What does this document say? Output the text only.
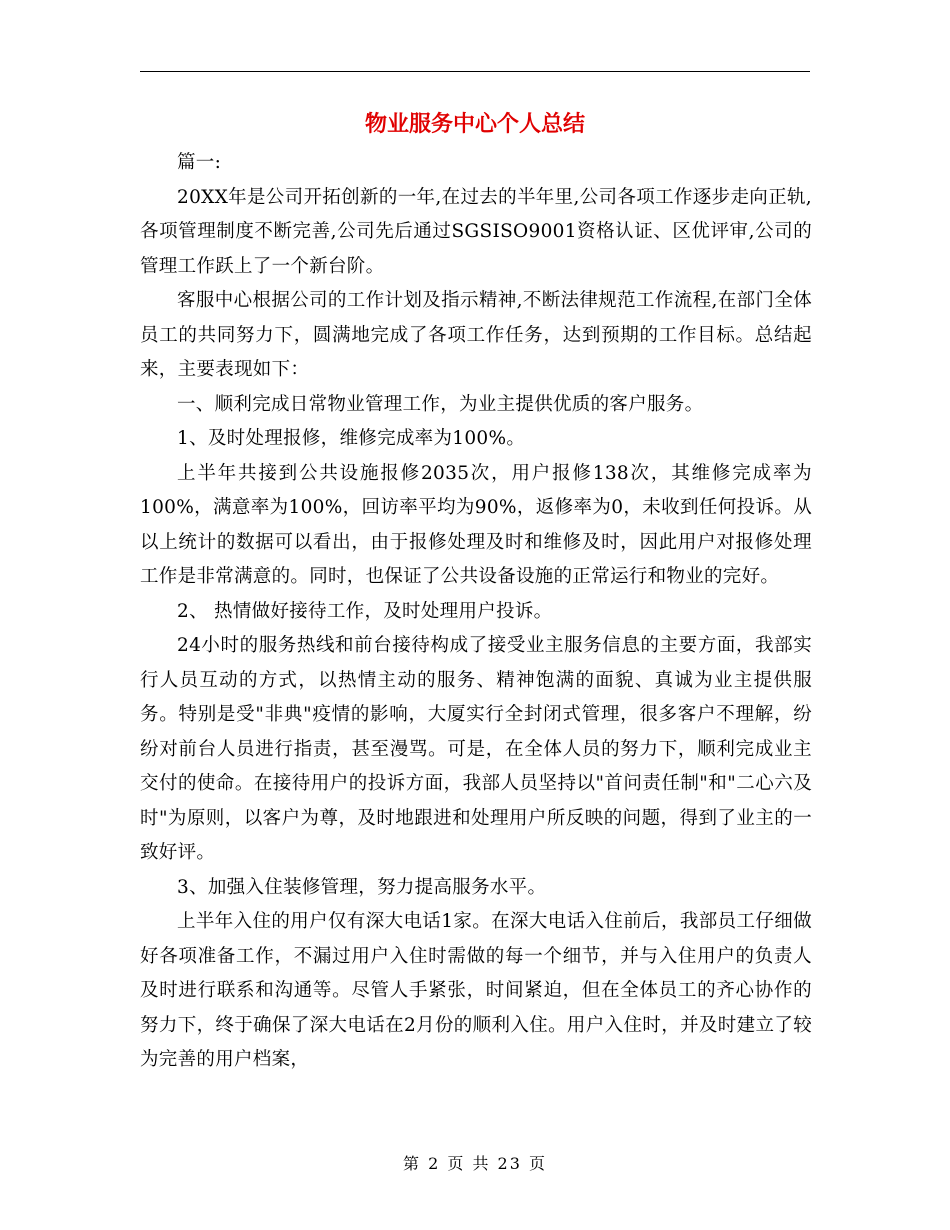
物业服务中心个人总结

篇一:

20XX年是公司开拓创新的一年,在过去的半年里,公司各项工作逐步走向正轨,各项管理制度不断完善,公司先后通过SGSISO9001资格认证、区优评审,公司的管理工作跃上了一个新台阶。

客服中心根据公司的工作计划及指示精神,不断法律规范工作流程,在部门全体员工的共同努力下，圆满地完成了各项工作任务，达到预期的工作目标。总结起来，主要表现如下：

一、顺利完成日常物业管理工作，为业主提供优质的客户服务。

1、及时处理报修，维修完成率为100%。

上半年共接到公共设施报修2035次，用户报修138次，其维修完成率为100%，满意率为100%，回访率平均为90%，返修率为0，未收到任何投诉。从以上统计的数据可以看出，由于报修处理及时和维修及时，因此用户对报修处理工作是非常满意的。同时，也保证了公共设备设施的正常运行和物业的完好。

2、 热情做好接待工作，及时处理用户投诉。

24小时的服务热线和前台接待构成了接受业主服务信息的主要方面，我部实行人员互动的方式，以热情主动的服务、精神饱满的面貌、真诚为业主提供服务。特别是受"非典"疫情的影响，大厦实行全封闭式管理，很多客户不理解，纷纷对前台人员进行指责，甚至漫骂。可是，在全体人员的努力下，顺利完成业主交付的使命。在接待用户的投诉方面，我部人员坚持以"首问责任制"和"二心六及时"为原则，以客户为尊，及时地跟进和处理用户所反映的问题，得到了业主的一致好评。

3、加强入住装修管理，努力提高服务水平。

上半年入住的用户仅有深大电话1家。在深大电话入住前后，我部员工仔细做好各项准备工作，不漏过用户入住时需做的每一个细节，并与入住用户的负责人及时进行联系和沟通等。尽管人手紧张，时间紧迫，但在全体员工的齐心协作的努力下，终于确保了深大电话在2月份的顺利入住。用户入住时，并及时建立了较为完善的用户档案，

第 2 页 共 23 页
